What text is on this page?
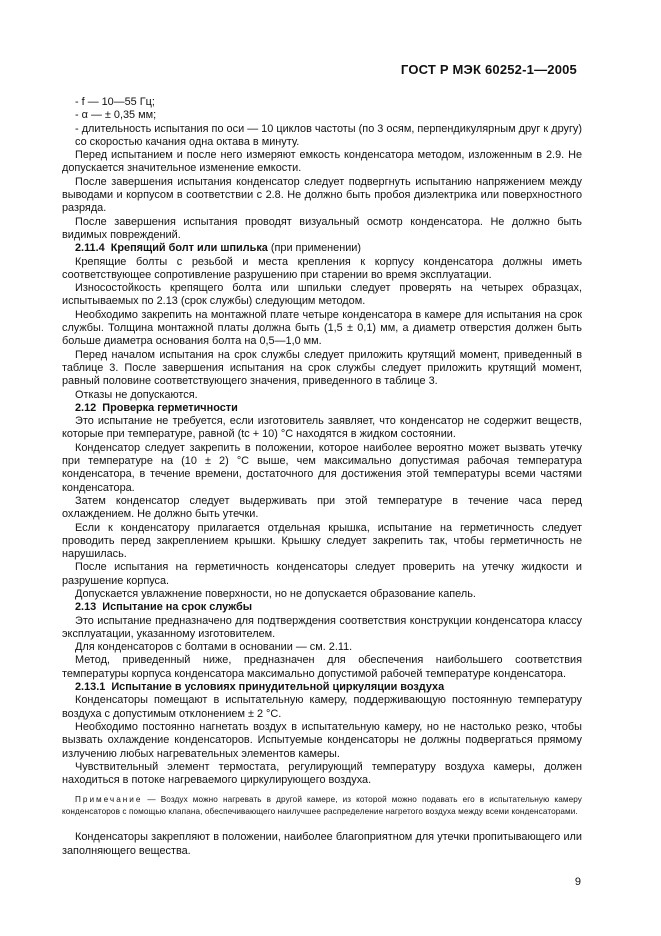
ГОСТ Р МЭК 60252-1—2005

- f — 10—55 Гц;

- α — ± 0,35 мм;

- длительность испытания по оси — 10 циклов частоты (по 3 осям, перпендикулярным друг к другу) со скоростью качания одна октава в минуту.

Перед испытанием и после него измеряют емкость конденсатора методом, изложенным в 2.9. Не допускается значительное изменение емкости.

После завершения испытания конденсатор следует подвергнуть испытанию напряжением между выводами и корпусом в соответствии с 2.8. Не должно быть пробоя диэлектрика или поверхностного разряда.

После завершения испытания проводят визуальный осмотр конденсатора. Не должно быть видимых повреждений.

2.11.4 Крепящий болт или шпилька (при применении)

Крепящие болты с резьбой и места крепления к корпусу конденсатора должны иметь соответствующее сопротивление разрушению при старении во время эксплуатации.

Износостойкость крепящего болта или шпильки следует проверять на четырех образцах, испытываемых по 2.13 (срок службы) следующим методом.

Необходимо закрепить на монтажной плате четыре конденсатора в камере для испытания на срок службы. Толщина монтажной платы должна быть (1,5 ± 0,1) мм, а диаметр отверстия должен быть больше диаметра основания болта на 0,5—1,0 мм.

Перед началом испытания на срок службы следует приложить крутящий момент, приведенный в таблице 3. После завершения испытания на срок службы следует приложить крутящий момент, равный половине соответствующего значения, приведенного в таблице 3.

Отказы не допускаются.

2.12 Проверка герметичности

Это испытание не требуется, если изготовитель заявляет, что конденсатор не содержит веществ, которые при температуре, равной (tc + 10) °С находятся в жидком состоянии.

Конденсатор следует закрепить в положении, которое наиболее вероятно может вызвать утечку при температуре на (10 ± 2) °С выше, чем максимально допустимая рабочая температура конденсатора, в течение времени, достаточного для достижения этой температуры всеми частями конденсатора.

Затем конденсатор следует выдерживать при этой температуре в течение часа перед охлаждением. Не должно быть утечки.

Если к конденсатору прилагается отдельная крышка, испытание на герметичность следует проводить перед закреплением крышки. Крышку следует закрепить так, чтобы герметичность не нарушилась.

После испытания на герметичность конденсаторы следует проверить на утечку жидкости и разрушение корпуса.

Допускается увлажнение поверхности, но не допускается образование капель.

2.13 Испытание на срок службы

Это испытание предназначено для подтверждения соответствия конструкции конденсатора классу эксплуатации, указанному изготовителем.

Для конденсаторов с болтами в основании — см. 2.11.

Метод, приведенный ниже, предназначен для обеспечения наибольшего соответствия температуры корпуса конденсатора максимально допустимой рабочей температуре конденсатора.

2.13.1 Испытание в условиях принудительной циркуляции воздуха

Конденсаторы помещают в испытательную камеру, поддерживающую постоянную температуру воздуха с допустимым отклонением ± 2 °С.

Необходимо постоянно нагнетать воздух в испытательную камеру, но не настолько резко, чтобы вызвать охлаждение конденсаторов. Испытуемые конденсаторы не должны подвергаться прямому излучению любых нагревательных элементов камеры.

Чувствительный элемент термостата, регулирующий температуру воздуха камеры, должен находиться в потоке нагреваемого циркулирующего воздуха.

Примечание — Воздух можно нагревать в другой камере, из которой можно подавать его в испытательную камеру конденсаторов с помощью клапана, обеспечивающего наилучшее распределение нагретого воздуха между всеми конденсаторами.

Конденсаторы закрепляют в положении, наиболее благоприятном для утечки пропитывающего или заполняющего вещества.

9
